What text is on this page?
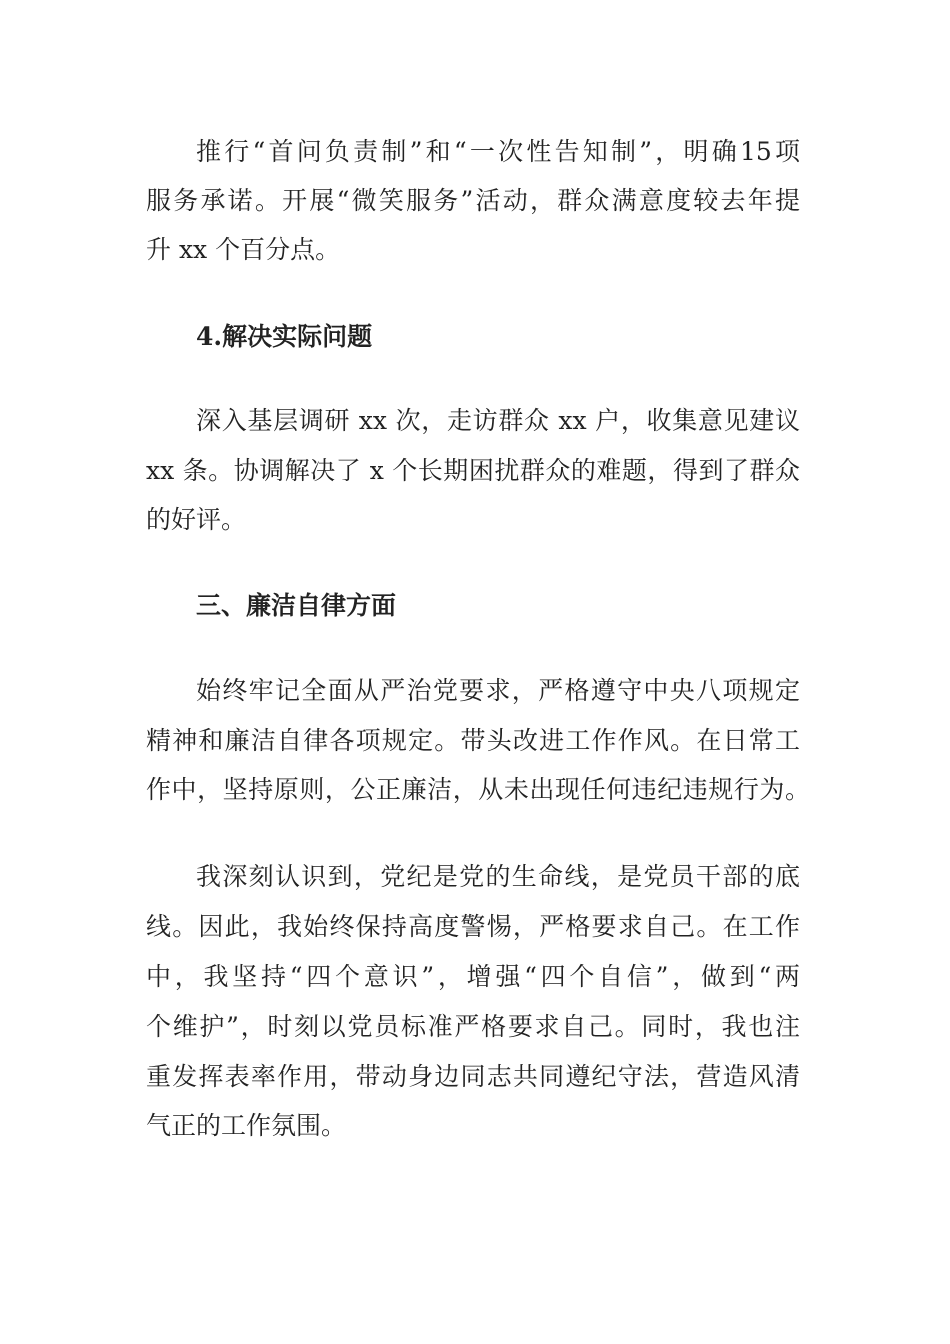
推行“首问负责制”和“一次性告知制”，明确15项
服务承诺。开展“微笑服务”活动，群众满意度较去年提
升 xx 个百分点。
4.解决实际问题
深入基层调研 xx 次，走访群众 xx 户，收集意见建议
xx 条。协调解决了 x 个长期困扰群众的难题，得到了群众
的好评。
三、廉洁自律方面
始终牢记全面从严治党要求，严格遵守中央八项规定
精神和廉洁自律各项规定。带头改进工作作风。在日常工
作中，坚持原则，公正廉洁，从未出现任何违纪违规行为。
我深刻认识到，党纪是党的生命线，是党员干部的底
线。因此，我始终保持高度警惕，严格要求自己。在工作
中，我坚持“四个意识”，增强“四个自信”，做到“两
个维护”，时刻以党员标准严格要求自己。同时，我也注
重发挥表率作用，带动身边同志共同遵纪守法，营造风清
气正的工作氛围。
